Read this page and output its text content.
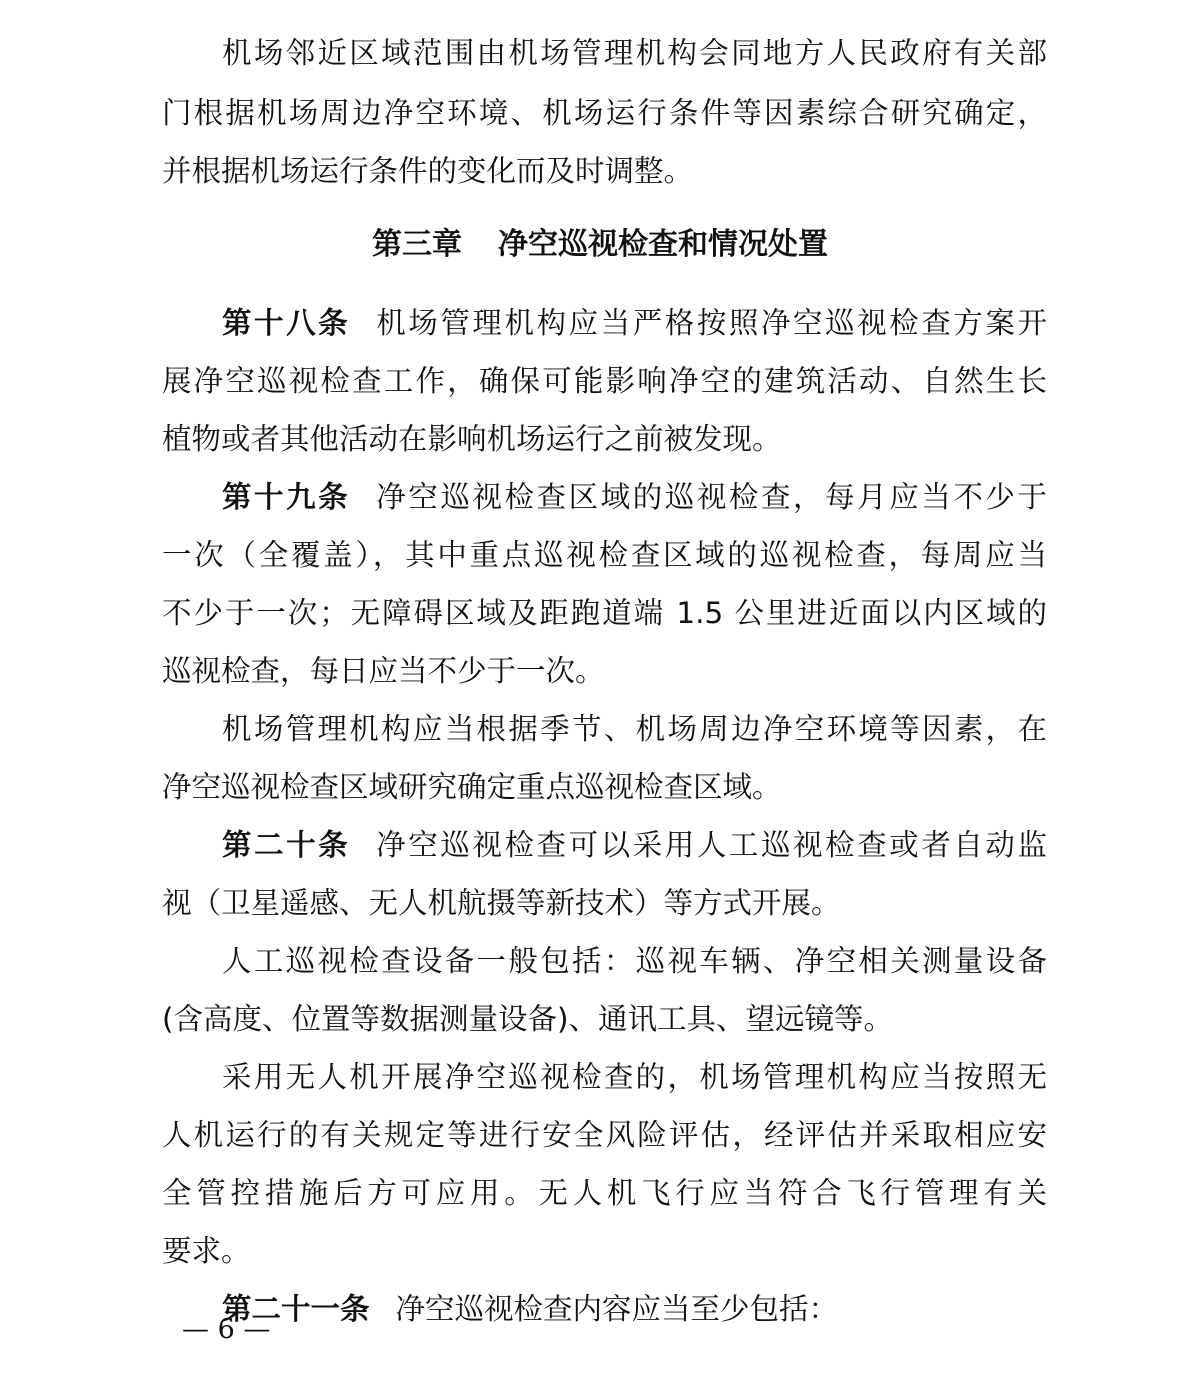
机场邻近区域范围由机场管理机构会同地方人民政府有关部
门根据机场周边净空环境、机场运行条件等因素综合研究确定，
并根据机场运行条件的变化而及时调整。
第三章 净空巡视检查和情况处置
第十八条 机场管理机构应当严格按照净空巡视检查方案开
展净空巡视检查工作，确保可能影响净空的建筑活动、自然生长
植物或者其他活动在影响机场运行之前被发现。
第十九条 净空巡视检查区域的巡视检查，每月应当不少于
一次（全覆盖），其中重点巡视检查区域的巡视检查，每周应当
不少于一次；无障碍区域及距跑道端 1.5 公里进近面以内区域的
巡视检查，每日应当不少于一次。
机场管理机构应当根据季节、机场周边净空环境等因素，在
净空巡视检查区域研究确定重点巡视检查区域。
第二十条 净空巡视检查可以采用人工巡视检查或者自动监
视（卫星遥感、无人机航摄等新技术）等方式开展。
人工巡视检查设备一般包括：巡视车辆、净空相关测量设备
(含高度、位置等数据测量设备)、通讯工具、望远镜等。
采用无人机开展净空巡视检查的，机场管理机构应当按照无
人机运行的有关规定等进行安全风险评估，经评估并采取相应安
全管控措施后方可应用。无人机飞行应当符合飞行管理有关
要求。
第二十一条 净空巡视检查内容应当至少包括：
— 6 —
